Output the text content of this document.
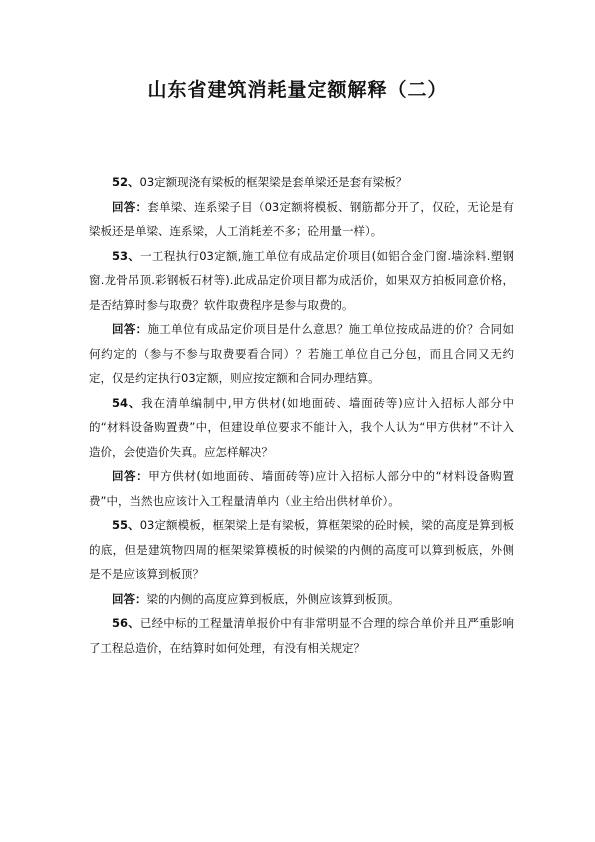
山东省建筑消耗量定额解释（二）

52、03定额现浇有梁板的框架梁是套单梁还是套有梁板？

回答：套单梁、连系梁子目（03定额将模板、钢筋都分开了，仅砼，无论是有梁板还是单梁、连系梁，人工消耗差不多；砼用量一样）。

53、一工程执行03定额,施工单位有成品定价项目(如铝合金门窗.墙涂料.塑钢窗.龙骨吊顶.彩钢板石材等).此成品定价项目都为成活价，如果双方拍板同意价格，是否结算时参与取费？软件取费程序是参与取费的。

回答：施工单位有成品定价项目是什么意思？施工单位按成品进的价？合同如何约定的（参与不参与取费要看合同）？若施工单位自己分包，而且合同又无约定，仅是约定执行03定额，则应按定额和合同办理结算。

54、我在清单编制中,甲方供材(如地面砖、墙面砖等)应计入招标人部分中的“材料设备购置费”中，但建设单位要求不能计入，我个人认为“甲方供材”不计入造价，会使造价失真。应怎样解决？

回答：甲方供材(如地面砖、墙面砖等)应计入招标人部分中的“材料设备购置费”中，当然也应该计入工程量清单内（业主给出供材单价）。

55、03定额模板，框架梁上是有梁板，算框架梁的砼时候，梁的高度是算到板的底，但是建筑物四周的框架梁算模板的时候梁的内侧的高度可以算到板底，外侧是不是应该算到板顶？

回答：梁的内侧的高度应算到板底，外侧应该算到板顶。

56、已经中标的工程量清单报价中有非常明显不合理的综合单价并且严重影响了工程总造价，在结算时如何处理，有没有相关规定？
